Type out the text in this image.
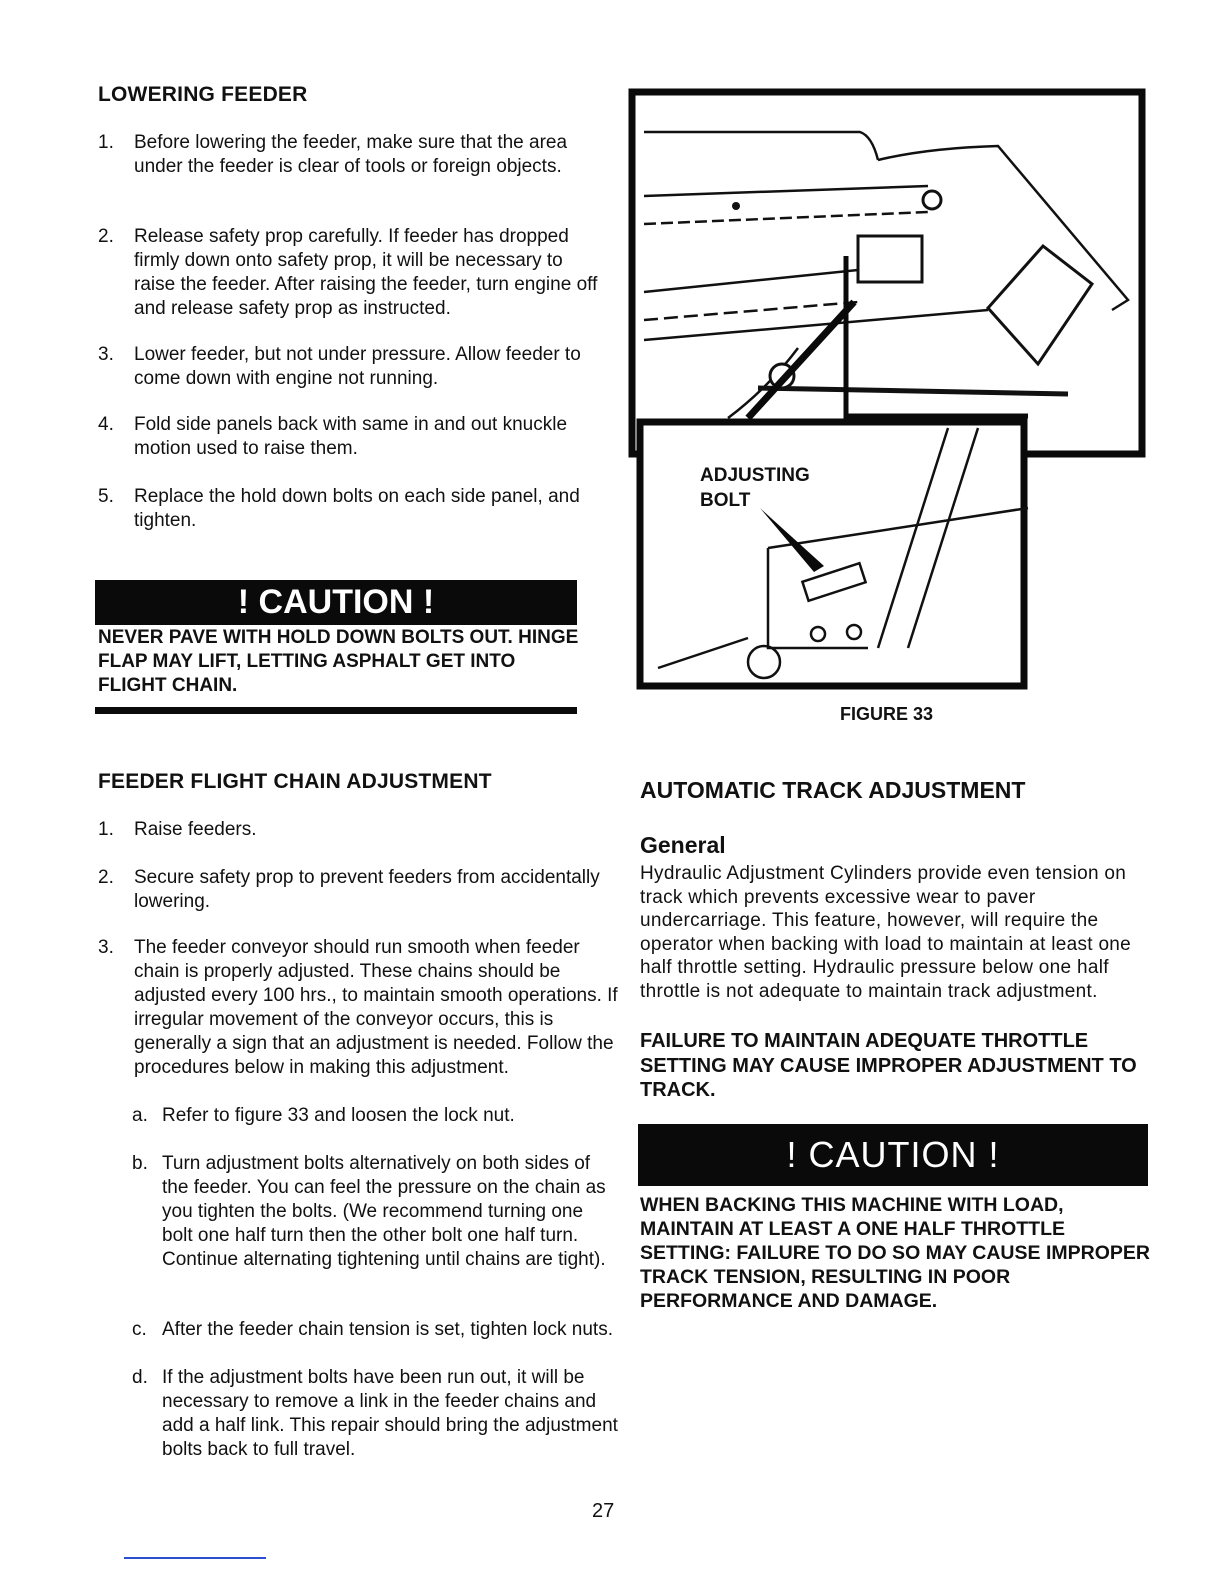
LOWERING FEEDER
1. Before lowering the feeder, make sure that the area under the feeder is clear of tools or foreign objects.
2. Release safety prop carefully. If feeder has dropped firmly down onto safety prop, it will be necessary to raise the feeder. After raising the feeder, turn engine off and release safety prop as instructed.
3. Lower feeder, but not under pressure. Allow feeder to come down with engine not running.
4. Fold side panels back with same in and out knuckle motion used to raise them.
5. Replace the hold down bolts on each side panel, and tighten.
! CAUTION !
NEVER PAVE WITH HOLD DOWN BOLTS OUT. HINGE FLAP MAY LIFT, LETTING ASPHALT GET INTO FLIGHT CHAIN.
ADJUSTING
BOLT
FIGURE 33
FEEDER FLIGHT CHAIN ADJUSTMENT
1. Raise feeders.
2. Secure safety prop to prevent feeders from accidentally lowering.
3. The feeder conveyor should run smooth when feeder chain is properly adjusted. These chains should be adjusted every 100 hrs., to maintain smooth operations. If irregular movement of the conveyor occurs, this is generally a sign that an adjustment is needed. Follow the procedures below in making this adjustment.
a. Refer to figure 33 and loosen the lock nut.
b. Turn adjustment bolts alternatively on both sides of the feeder. You can feel the pressure on the chain as you tighten the bolts. (We recommend turning one bolt one half turn then the other bolt one half turn. Continue alternating tightening until chains are tight).
c. After the feeder chain tension is set, tighten lock nuts.
d. If the adjustment bolts have been run out, it will be necessary to remove a link in the feeder chains and add a half link. This repair should bring the adjustment bolts back to full travel.
AUTOMATIC TRACK ADJUSTMENT
General
Hydraulic Adjustment Cylinders provide even tension on track which prevents excessive wear to paver undercarriage. This feature, however, will require the operator when backing with load to maintain at least one half throttle setting. Hydraulic pressure below one half throttle is not adequate to maintain track adjustment.
FAILURE TO MAINTAIN ADEQUATE THROTTLE SETTING MAY CAUSE IMPROPER ADJUSTMENT TO TRACK.
! CAUTION !
WHEN BACKING THIS MACHINE WITH LOAD, MAINTAIN AT LEAST A ONE HALF THROTTLE SETTING: FAILURE TO DO SO MAY CAUSE IMPROPER TRACK TENSION, RESULTING IN POOR PERFORMANCE AND DAMAGE.
27
